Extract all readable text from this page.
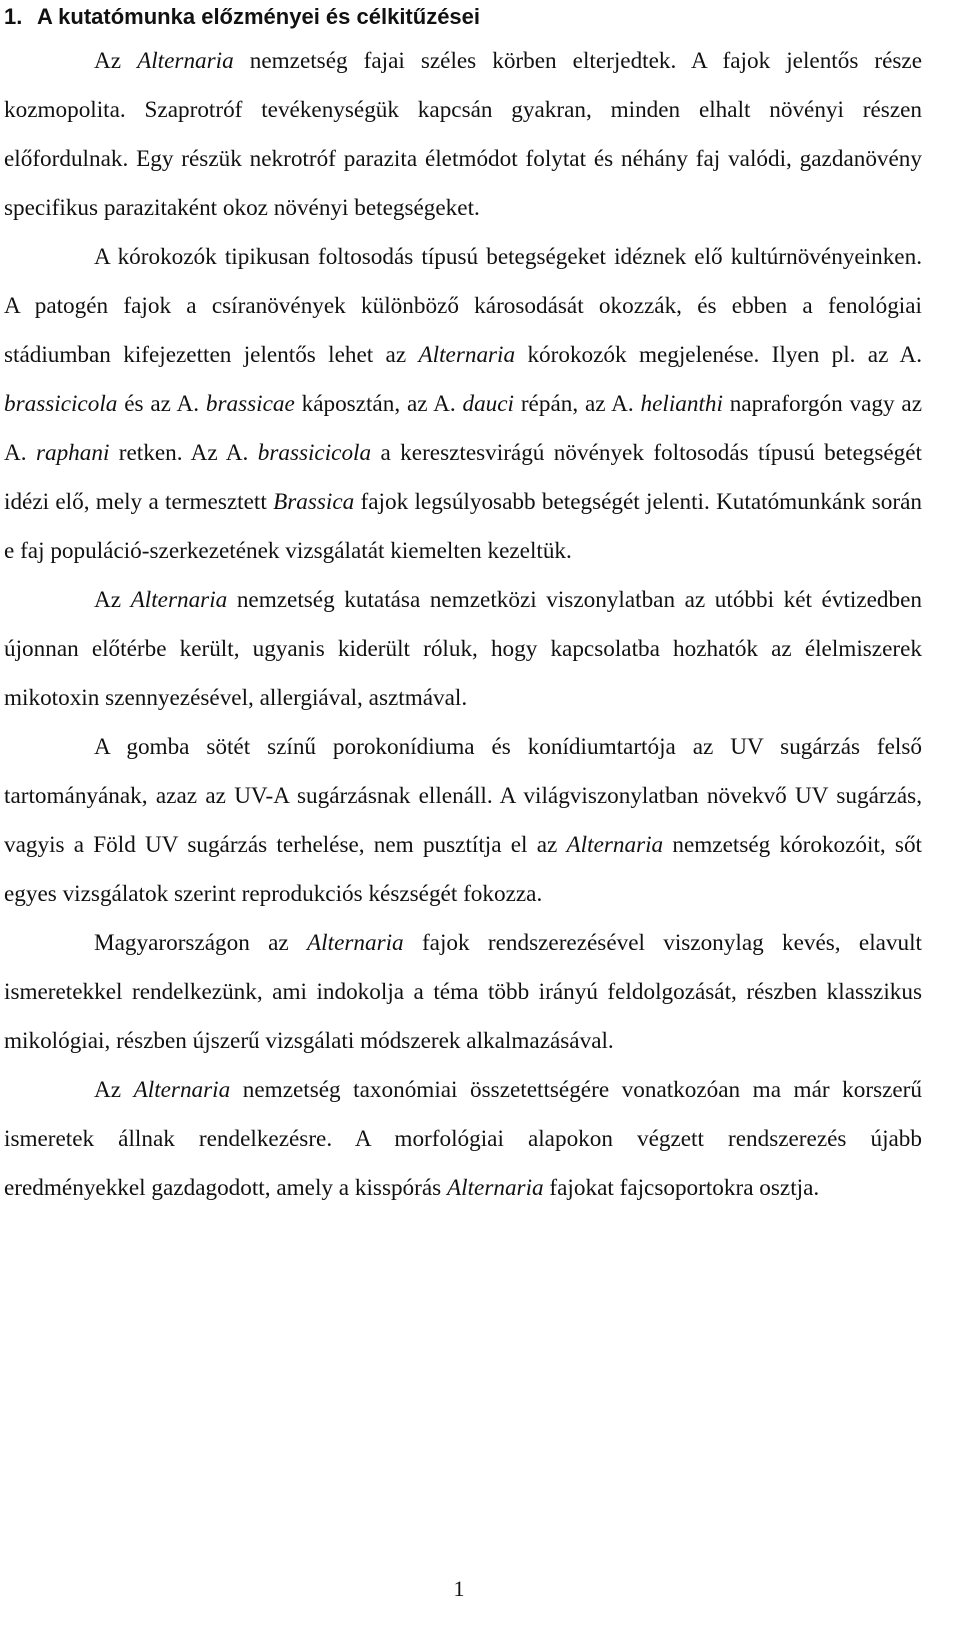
1. A kutatómunka előzményei és célkitűzései

Az Alternaria nemzetség fajai széles körben elterjedtek. A fajok jelentős része kozmopolita. Szaprotróf tevékenységük kapcsán gyakran, minden elhalt növényi részen előfordulnak. Egy részük nekrotróf parazita életmódot folytat és néhány faj valódi, gazdanövény specifikus parazitaként okoz növényi betegségeket.

A kórokozók tipikusan foltosodás típusú betegségeket idéznek elő kultúrnövényeinken. A patogén fajok a csíranövények különböző károsodását okozzák, és ebben a fenológiai stádiumban kifejezetten jelentős lehet az Alternaria kórokozók megjelenése. Ilyen pl. az A. brassicicola és az A. brassicae káposztán, az A. dauci répán, az A. helianthi napraforgón vagy az A. raphani retken. Az A. brassicicola a keresztesvirágú növények foltosodás típusú betegségét idézi elő, mely a termesztett Brassica fajok legsúlyosabb betegségét jelenti. Kutatómunkánk során e faj populáció-szerkezetének vizsgálatát kiemelten kezeltük.

Az Alternaria nemzetség kutatása nemzetközi viszonylatban az utóbbi két évtizedben újonnan előtérbe került, ugyanis kiderült róluk, hogy kapcsolatba hozhatók az élelmiszerek mikotoxin szennyezésével, allergiával, asztmával.

A gomba sötét színű porokonídiuma és konídiumtartója az UV sugárzás felső tartományának, azaz az UV-A sugárzásnak ellenáll. A világviszonylatban növekvő UV sugárzás, vagyis a Föld UV sugárzás terhelése, nem pusztítja el az Alternaria nemzetség kórokozóit, sőt egyes vizsgálatok szerint reprodukciós készségét fokozza.

Magyarországon az Alternaria fajok rendszerezésével viszonylag kevés, elavult ismeretekkel rendelkezünk, ami indokolja a téma több irányú feldolgozását, részben klasszikus mikológiai, részben újszerű vizsgálati módszerek alkalmazásával.

Az Alternaria nemzetség taxonómiai összetettségére vonatkozóan ma már korszerű ismeretek állnak rendelkezésre. A morfológiai alapokon végzett rendszerezés újabb eredményekkel gazdagodott, amely a kisspórás Alternaria fajokat fajcsoportokra osztja.

1
